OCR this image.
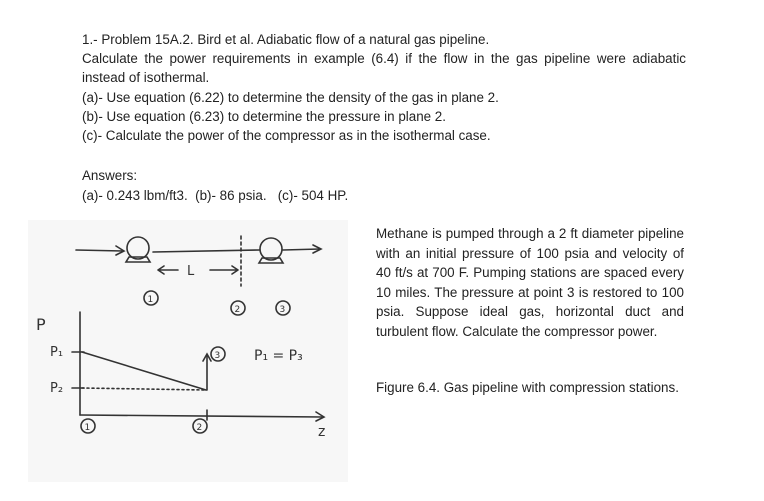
1.- Problem 15A.2. Bird et al. Adiabatic flow of a natural gas pipeline.

Calculate the power requirements in example (6.4) if the flow in the gas pipeline were adiabatic instead of isothermal.

(a)- Use equation (6.22) to determine the density of the gas in plane 2.

(b)- Use equation (6.23) to determine the pressure in plane 2.

(c)- Calculate the power of the compressor as in the isothermal case.

Answers:

(a)- 0.243 lbm/ft3.  (b)- 86 psia.   (c)- 504 HP.

Methane is pumped through a 2 ft diameter pipeline with an initial pressure of 100 psia and velocity of 40 ft/s at 700 F. Pumping stations are spaced every 10 miles. The pressure at point 3 is restored to 100 psia. Suppose ideal gas, horizontal duct and turbulent flow. Calculate the compressor power.

Figure 6.4. Gas pipeline with compression stations.
L
1
2	3
1	2
3
P
z
P₁
P₂
P₁ = P₃
